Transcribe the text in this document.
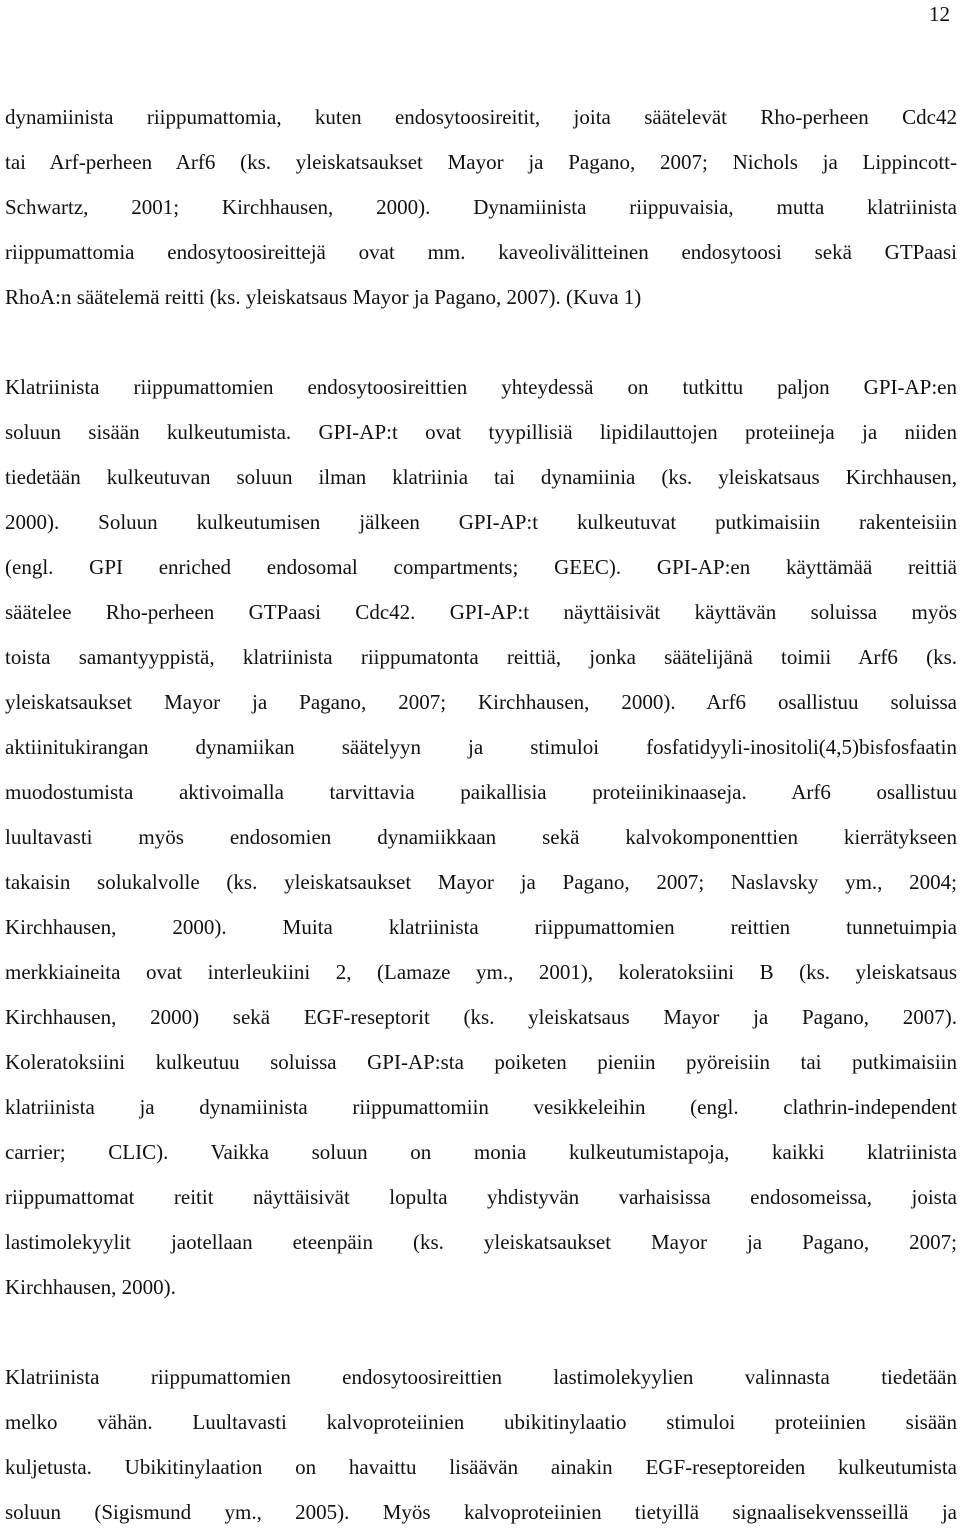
12
dynamiinista riippumattomia, kuten endosytoosireitit, joita säätelevät Rho-perheen Cdc42
tai Arf-perheen Arf6 (ks. yleiskatsaukset Mayor ja Pagano, 2007; Nichols ja Lippincott-
Schwartz, 2001; Kirchhausen, 2000). Dynamiinista riippuvaisia, mutta klatriinista
riippumattomia endosytoosireittejä ovat mm. kaveolivälitteinen endosytoosi sekä GTPaasi
RhoA:n säätelemä reitti (ks. yleiskatsaus Mayor ja Pagano, 2007). (Kuva 1)
Klatriinista riippumattomien endosytoosireittien yhteydessä on tutkittu paljon GPI-AP:en
soluun sisään kulkeutumista. GPI-AP:t ovat tyypillisiä lipidilauttojen proteiineja ja niiden
tiedetään kulkeutuvan soluun ilman klatriinia tai dynamiinia (ks. yleiskatsaus Kirchhausen,
2000). Soluun kulkeutumisen jälkeen GPI-AP:t kulkeutuvat putkimaisiin rakenteisiin
(engl. GPI enriched endosomal compartments; GEEC). GPI-AP:en käyttämää reittiä
säätelee Rho-perheen GTPaasi Cdc42. GPI-AP:t näyttäisivät käyttävän soluissa myös
toista samantyyppistä, klatriinista riippumatonta reittiä, jonka säätelijänä toimii Arf6 (ks.
yleiskatsaukset Mayor ja Pagano, 2007; Kirchhausen, 2000). Arf6 osallistuu soluissa
aktiinitukirangan dynamiikan säätelyyn ja stimuloi fosfatidyyli-inositoli(4,5)bisfosfaatin
muodostumista aktivoimalla tarvittavia paikallisia proteiinikinaaseja. Arf6 osallistuu
luultavasti myös endosomien dynamiikkaan sekä kalvokomponenttien kierrätykseen
takaisin solukalvolle (ks. yleiskatsaukset Mayor ja Pagano, 2007; Naslavsky ym., 2004;
Kirchhausen, 2000). Muita klatriinista riippumattomien reittien tunnetuimpia
merkkiaineita ovat interleukiini 2, (Lamaze ym., 2001), koleratoksiini B (ks. yleiskatsaus
Kirchhausen, 2000) sekä EGF-reseptorit (ks. yleiskatsaus Mayor ja Pagano, 2007).
Koleratoksiini kulkeutuu soluissa GPI-AP:sta poiketen pieniin pyöreisiin tai putkimaisiin
klatriinista ja dynamiinista riippumattomiin vesikkeleihin (engl. clathrin-independent
carrier; CLIC). Vaikka soluun on monia kulkeutumistapoja, kaikki klatriinista
riippumattomat reitit näyttäisivät lopulta yhdistyvän varhaisissa endosomeissa, joista
lastimolekyylit jaotellaan eteenpäin (ks. yleiskatsaukset Mayor ja Pagano, 2007;
Kirchhausen, 2000).
Klatriinista riippumattomien endosytoosireittien lastimolekyylien valinnasta tiedetään
melko vähän. Luultavasti kalvoproteiinien ubikitinylaatio stimuloi proteiinien sisään
kuljetusta. Ubikitinylaation on havaittu lisäävän ainakin EGF-reseptoreiden kulkeutumista
soluun (Sigismund ym., 2005). Myös kalvoproteiinien tietyillä signaalisekvensseillä ja
